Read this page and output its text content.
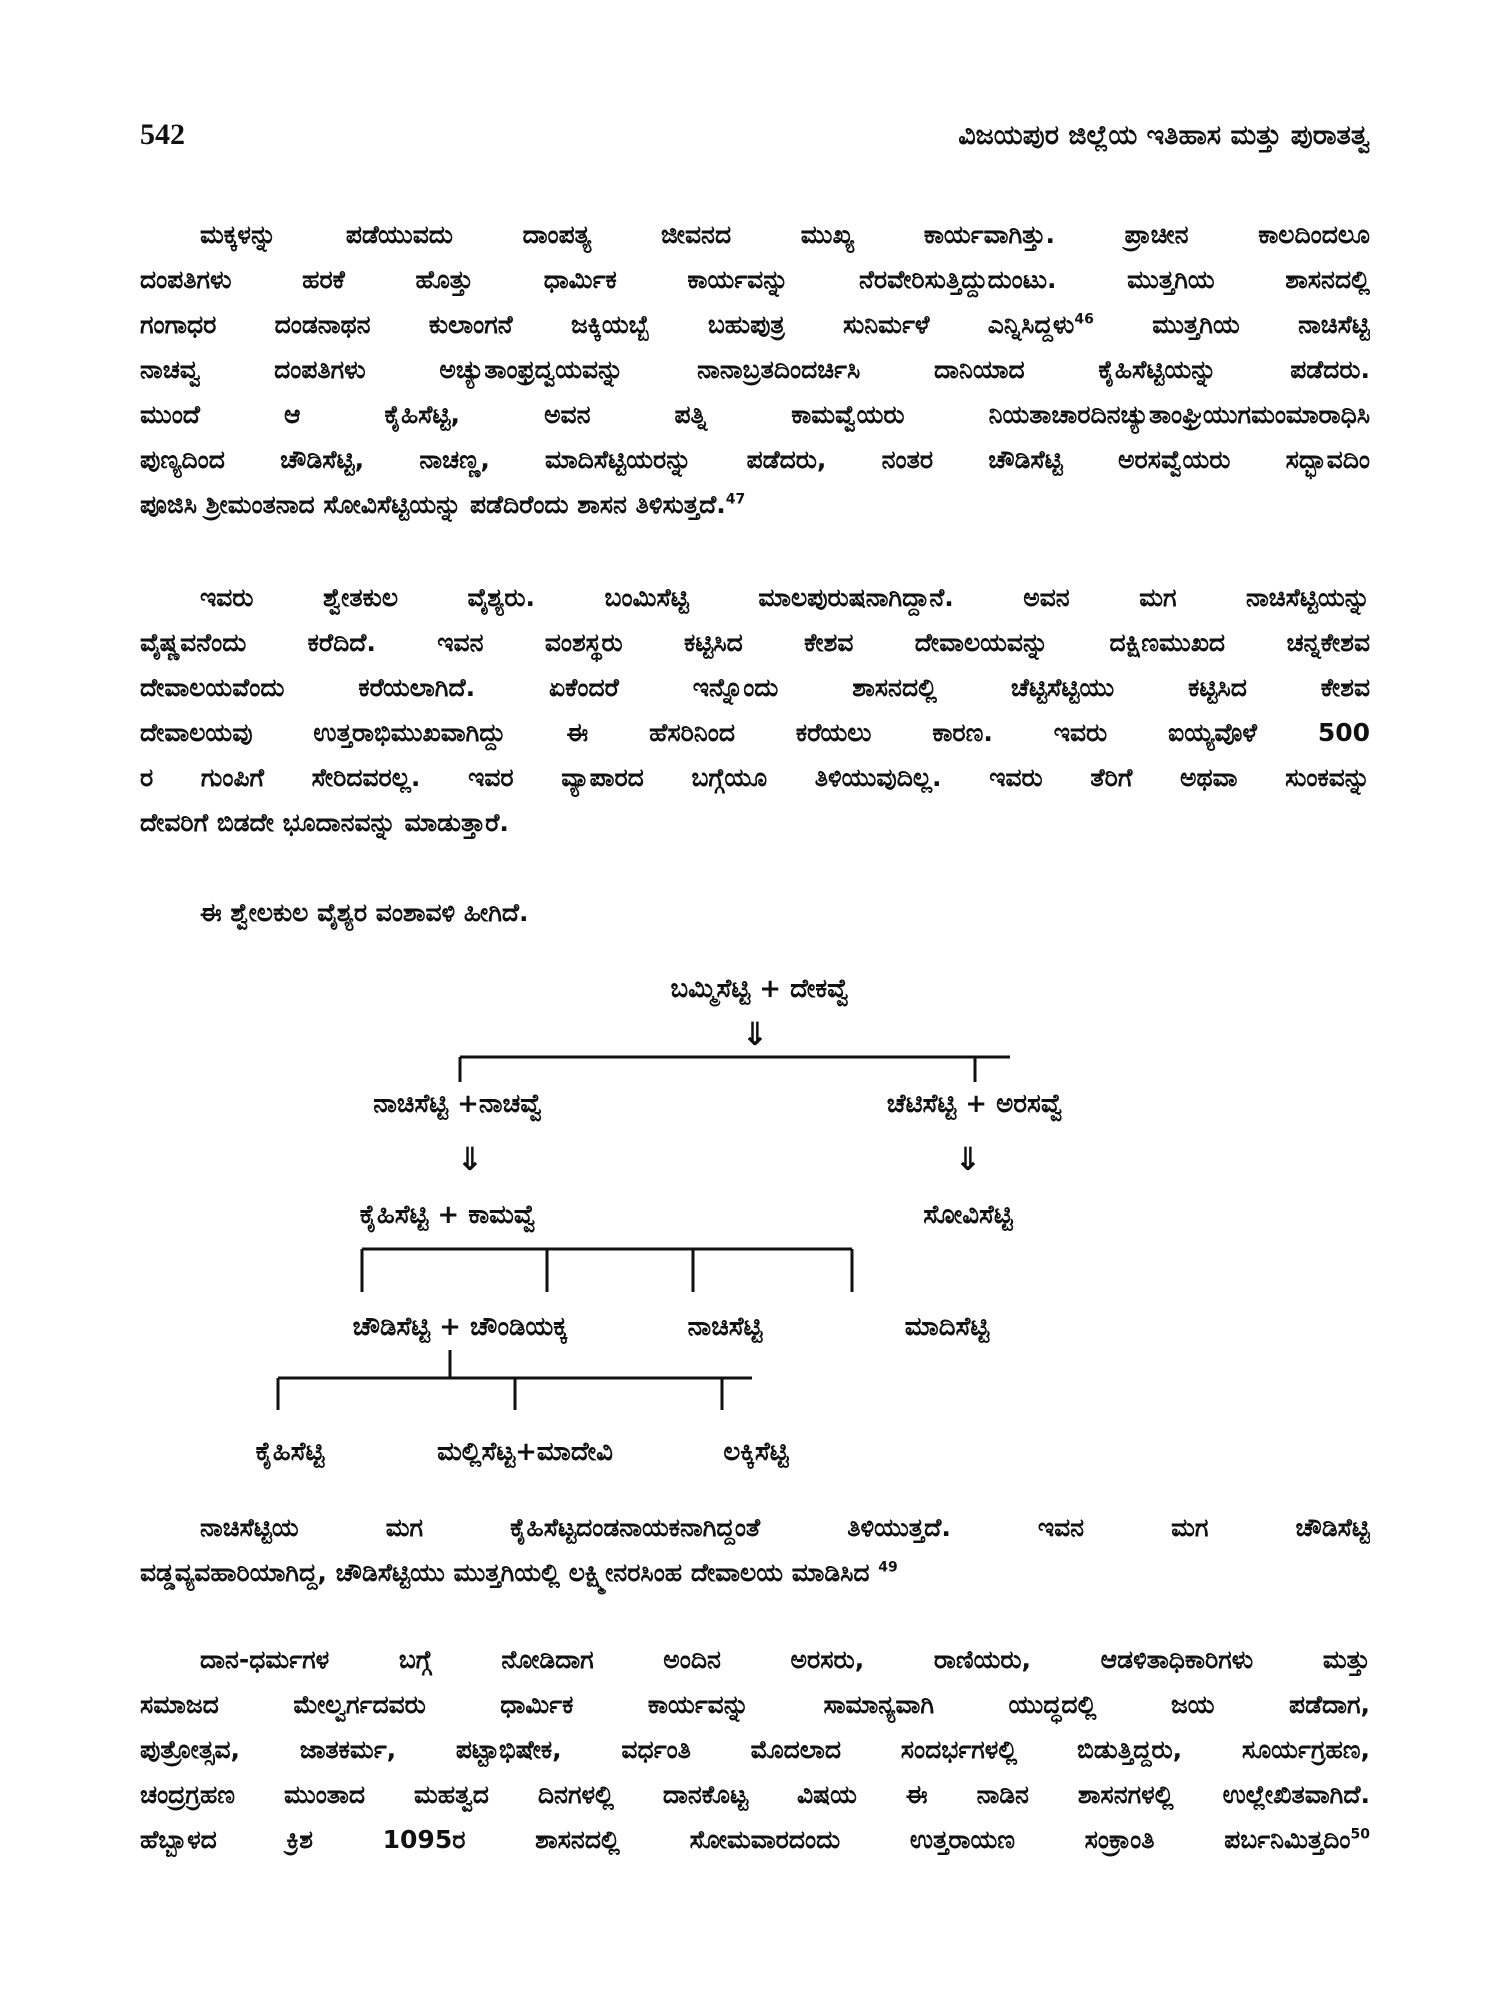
542	ವಿಜಯಪುರ ಜಿಲ್ಲೆಯ ಇತಿಹಾಸ ಮತ್ತು ಪುರಾತತ್ವ
ಮಕ್ಕಳನ್ನು ಪಡೆಯುವದು ದಾಂಪತ್ಯ ಜೀವನದ ಮುಖ್ಯ ಕಾರ್ಯವಾಗಿತ್ತು. ಪ್ರಾಚೀನ ಕಾಲದಿಂದಲೂ
ದಂಪತಿಗಳು ಹರಕೆ ಹೊತ್ತು ಧಾರ್ಮಿಕ ಕಾರ್ಯವನ್ನು ನೆರವೇರಿಸುತ್ತಿದ್ದುದುಂಟು. ಮುತ್ತಗಿಯ ಶಾಸನದಲ್ಲಿ
ಗಂಗಾಧರ ದಂಡನಾಥನ ಕುಲಾಂಗನೆ ಜಕ್ಕಿಯಬ್ಬೆ ಬಹುಪುತ್ರ ಸುನಿರ್ಮಳೆ ಎನ್ನಿಸಿದ್ದಳು$^{46}$ ಮುತ್ತಗಿಯ ನಾಚಿಸೆಟ್ಟಿ
ನಾಚವ್ವ ದಂಪತಿಗಳು ಅಚ್ಯುತಾಂಫ್ರದ್ವಯವನ್ನು ನಾನಾಬ್ರತದಿಂದರ್ಚಿಸಿ ದಾನಿಯಾದ ಕೈಹಿಸೆಟ್ಟಿಯನ್ನು ಪಡೆದರು.
ಮುಂದೆ ಆ ಕೈಹಿಸೆಟ್ಟಿ, ಅವನ ಪತ್ನಿ ಕಾಮವ್ವೆಯರು ನಿಯತಾಚಾರದಿನಚ್ಯುತಾಂಘ್ರಿಯುಗಮಂಮಾರಾಧಿಸಿ
ಪುಣ್ಯದಿಂದ ಚೌಡಿಸೆಟ್ಟಿ, ನಾಚಣ್ಣ, ಮಾದಿಸೆಟ್ಟಿಯರನ್ನು ಪಡೆದರು, ನಂತರ ಚೌಡಿಸೆಟ್ಟಿ ಅರಸವ್ವೆಯರು ಸದ್ಭಾವದಿಂ
ಪೂಜಿಸಿ ಶ್ರೀಮಂತನಾದ ಸೋವಿಸೆಟ್ಟಿಯನ್ನು ಪಡೆದಿರೆಂದು ಶಾಸನ ತಿಳಿಸುತ್ತದೆ.$^{47}$
ಇವರು ಶ್ವೇತಕುಲ ವೈಶ್ಯರು. ಬಂಮಿಸೆಟ್ಟಿ ಮಾಲಪುರುಷನಾಗಿದ್ದಾನೆ. ಅವನ ಮಗ ನಾಚಿಸೆಟ್ಟಿಯನ್ನು
ವೈಷ್ಣವನೆಂದು ಕರೆದಿದೆ. ಇವನ ವಂಶಸ್ಥರು ಕಟ್ಟಿಸಿದ ಕೇಶವ ದೇವಾಲಯವನ್ನು ದಕ್ಷಿಣಮುಖದ ಚನ್ನಕೇಶವ
ದೇವಾಲಯವೆಂದು ಕರೆಯಲಾಗಿದೆ. ಏಕೆಂದರೆ ಇನ್ನೊಂದು ಶಾಸನದಲ್ಲಿ ಚೆಟ್ಟಿಸೆಟ್ಟಿಯು ಕಟ್ಟಿಸಿದ ಕೇಶವ
ದೇವಾಲಯವು ಉತ್ತರಾಭಿಮುಖವಾಗಿದ್ದು ಈ ಹೆಸರಿನಿಂದ ಕರೆಯಲು ಕಾರಣ. ಇವರು ಐಯ್ಯವೊಳೆ 500
ರ ಗುಂಪಿಗೆ ಸೇರಿದವರಲ್ಲ. ಇವರ ವ್ಯಾಪಾರದ ಬಗ್ಗೆಯೂ ತಿಳಿಯುವುದಿಲ್ಲ. ಇವರು ತೆರಿಗೆ ಅಥವಾ ಸುಂಕವನ್ನು
ದೇವರಿಗೆ ಬಿಡದೇ ಭೂದಾನವನ್ನು ಮಾಡುತ್ತಾರೆ.
ಈ ಶ್ವೇಲಕುಲ ವೈಶ್ಯರ ವಂಶಾವಳಿ ಹೀಗಿದೆ.
ಬಮ್ಮಿಸೆಟ್ಟಿ + ದೇಕವ್ವೆ
⇓
ನಾಚಿಸೆಟ್ಟಿ +ನಾಚವ್ವೆ	ಚೆಟಿಸೆಟ್ಟಿ + ಅರಸವ್ವೆ
⇓	⇓
ಕೈಹಿಸೆಟ್ಟಿ + ಕಾಮವ್ವೆ	ಸೋವಿಸೆಟ್ಟಿ
ಚೌಡಿಸೆಟ್ಟಿ + ಚೌಂಡಿಯಕ್ಕ	ನಾಚಿಸೆಟ್ಟಿ	ಮಾದಿಸೆಟ್ಟಿ
ಕೈಹಿಸೆಟ್ಟಿ	ಮಲ್ಲಿಸೆಟ್ಟ+ಮಾದೇವಿ	ಲಕ್ಕಿಸೆಟ್ಟಿ
ನಾಚಿಸೆಟ್ಟಿಯ ಮಗ ಕೈಹಿಸೆಟ್ಟದಂಡನಾಯಕನಾಗಿದ್ದಂತೆ ತಿಳಿಯುತ್ತದೆ. ಇವನ ಮಗ ಚೌಡಿಸೆಟ್ಟಿ
ವಡ್ಡವ್ಯವಹಾರಿಯಾಗಿದ್ದ, ಚೌಡಿಸೆಟ್ಟಿಯು ಮುತ್ತಗಿಯಲ್ಲಿ ಲಕ್ಷ್ಮೀನರಸಿಂಹ ದೇವಾಲಯ ಮಾಡಿಸಿದ $^{49}$
ದಾನ-ಧರ್ಮಗಳ ಬಗ್ಗೆ ನೋಡಿದಾಗ ಅಂದಿನ ಅರಸರು, ರಾಣಿಯರು, ಆಡಳಿತಾಧಿಕಾರಿಗಳು ಮತ್ತು
ಸಮಾಜದ ಮೇಲ್ವರ್ಗದವರು ಧಾರ್ಮಿಕ ಕಾರ್ಯವನ್ನು ಸಾಮಾನ್ಯವಾಗಿ ಯುದ್ಧದಲ್ಲಿ ಜಯ ಪಡೆದಾಗ,
ಪುತ್ರೋತ್ಸವ, ಜಾತಕರ್ಮ, ಪಟ್ಟಾಭಿಷೇಕ, ವರ್ಧಂತಿ ಮೊದಲಾದ ಸಂದರ್ಭಗಳಲ್ಲಿ ಬಿಡುತ್ತಿದ್ದರು, ಸೂರ್ಯಗ್ರಹಣ,
ಚಂದ್ರಗ್ರಹಣ ಮುಂತಾದ ಮಹತ್ವದ ದಿನಗಳಲ್ಲಿ ದಾನಕೊಟ್ಟ ವಿಷಯ ಈ ನಾಡಿನ ಶಾಸನಗಳಲ್ಲಿ ಉಲ್ಲೇಖಿತವಾಗಿದೆ.
ಹೆಬ್ಬಾಳದ ಕ್ರಿಶ 1095ರ ಶಾಸನದಲ್ಲಿ ಸೋಮವಾರದಂದು ಉತ್ತರಾಯಣ ಸಂಕ್ರಾಂತಿ ಪರ್ಬನಿಮಿತ್ತದಿಂ$^{50}$
